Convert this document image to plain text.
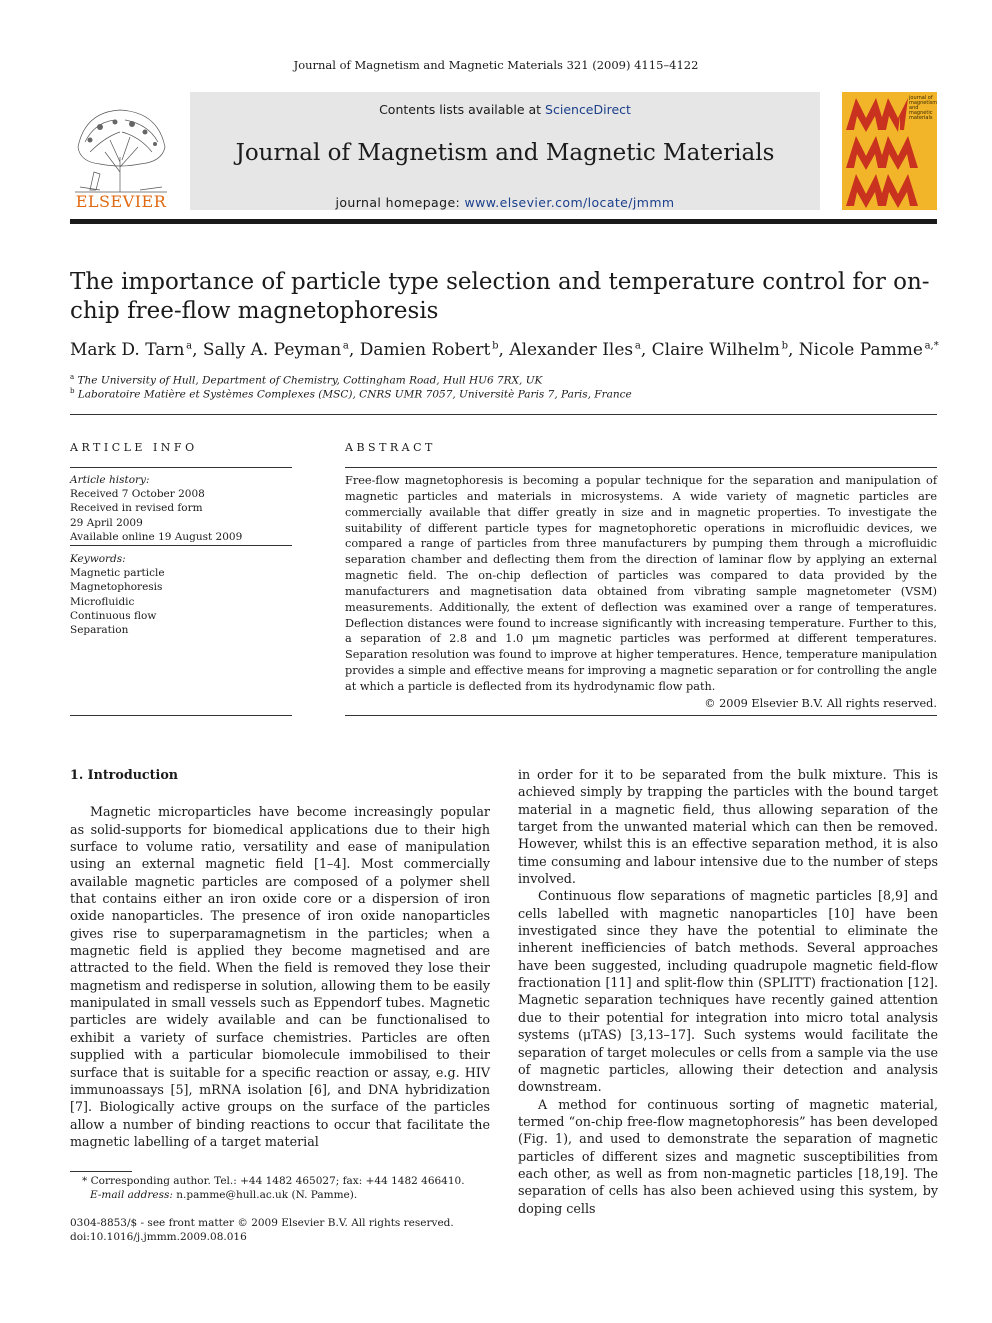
Journal of Magnetism and Magnetic Materials 321 (2009) 4115–4122
ELSEVIER
Contents lists available at ScienceDirect
Journal of Magnetism and Magnetic Materials
journal homepage: www.elsevier.com/locate/jmmm
journal of magnetism and magnetic materials
The importance of particle type selection and temperature control for on-chip free-flow magnetophoresis
Mark D. Tarn  $^a$, Sally A. Peyman  $^a$, Damien Robert  $^b$, Alexander Iles  $^a$, Claire Wilhelm  $^b$, Nicole Pamme  $^{a,*}$
$^a$ The University of Hull, Department of Chemistry, Cottingham Road, Hull HU6 7RX, UK
$^b$ Laboratoire Matière et Systèmes Complexes (MSC), CNRS UMR 7057, Universitè Paris 7, Paris, France
ARTICLE INFO
Article history:
Received 7 October 2008
Received in revised form
29 April 2009
Available online 19 August 2009
Keywords:
Magnetic particle
Magnetophoresis
Microfluidic
Continuous flow
Separation
ABSTRACT
Free-flow magnetophoresis is becoming a popular technique for the separation and manipulation of magnetic particles and materials in microsystems. A wide variety of magnetic particles are commercially available that differ greatly in size and in magnetic properties. To investigate the suitability of different particle types for magnetophoretic operations in microfluidic devices, we compared a range of particles from three manufacturers by pumping them through a microfluidic separation chamber and deflecting them from the direction of laminar flow by applying an external magnetic field. The on-chip deflection of particles was compared to data provided by the manufacturers and magnetisation data obtained from vibrating sample magnetometer (VSM) measurements. Additionally, the extent of deflection was examined over a range of temperatures. Deflection distances were found to increase significantly with increasing temperature. Further to this, a separation of 2.8 and 1.0 μm magnetic particles was performed at different temperatures. Separation resolution was found to improve at higher temperatures. Hence, temperature manipulation provides a simple and effective means for improving a magnetic separation or for controlling the angle at which a particle is deflected from its hydrodynamic flow path.
© 2009 Elsevier B.V. All rights reserved.
1. Introduction

Magnetic microparticles have become increasingly popular as solid-supports for biomedical applications due to their high surface to volume ratio, versatility and ease of manipulation using an external magnetic field [1–4]. Most commercially available magnetic particles are composed of a polymer shell that contains either an iron oxide core or a dispersion of iron oxide nanoparticles. The presence of iron oxide nanoparticles gives rise to superparamagnetism in the particles; when a magnetic field is applied they become magnetised and are attracted to the field. When the field is removed they lose their magnetism and redisperse in solution, allowing them to be easily manipulated in small vessels such as Eppendorf tubes. Magnetic particles are widely available and can be functionalised to exhibit a variety of surface chemistries. Particles are often supplied with a particular biomolecule immobilised to their surface that is suitable for a specific reaction or assay, e.g. HIV immunoassays [5], mRNA isolation [6], and DNA hybridization [7]. Biologically active groups on the surface of the particles allow a number of binding reactions to occur that facilitate the magnetic labelling of a target material

in order for it to be separated from the bulk mixture. This is achieved simply by trapping the particles with the bound target material in a magnetic field, thus allowing separation of the target from the unwanted material which can then be removed. However, whilst this is an effective separation method, it is also time consuming and labour intensive due to the number of steps involved.

Continuous flow separations of magnetic particles [8,9] and cells labelled with magnetic nanoparticles [10] have been investigated since they have the potential to eliminate the inherent inefficiencies of batch methods. Several approaches have been suggested, including quadrupole magnetic field-flow fractionation [11] and split-flow thin (SPLITT) fractionation [12]. Magnetic separation techniques have recently gained attention due to their potential for integration into micro total analysis systems (μTAS) [3,13–17]. Such systems would facilitate the separation of target molecules or cells from a sample via the use of magnetic particles, allowing their detection and analysis downstream.

A method for continuous sorting of magnetic material, termed “on-chip free-flow magnetophoresis” has been developed (Fig. 1), and used to demonstrate the separation of magnetic particles of different sizes and magnetic susceptibilities from each other, as well as from non-magnetic particles [18,19]. The separation of cells has also been achieved using this system, by doping cells

* Corresponding author. Tel.: +44 1482 465027; fax: +44 1482 466410.
E-mail address: n.pamme@hull.ac.uk (N. Pamme).
0304-8853/$ - see front matter © 2009 Elsevier B.V. All rights reserved.
doi:10.1016/j.jmmm.2009.08.016
